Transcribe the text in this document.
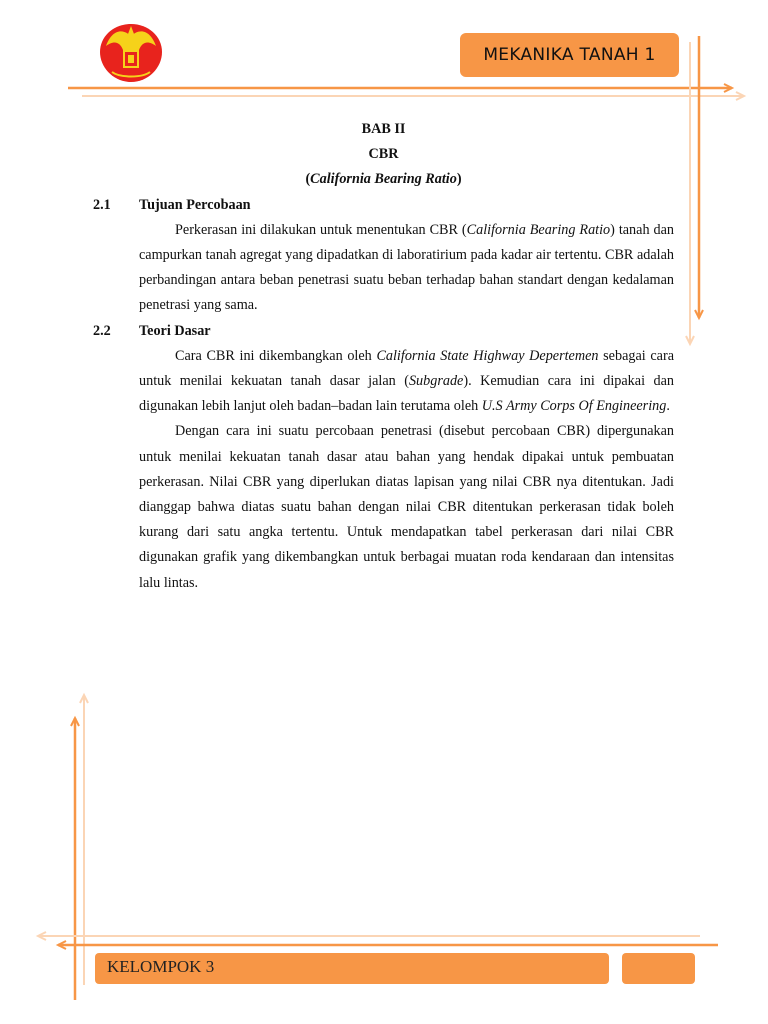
MEKANIKA TANAH 1
BAB II
CBR
(California Bearing Ratio)
2.1	Tujuan Percobaan
Perkerasan ini dilakukan untuk menentukan CBR (California Bearing Ratio) tanah dan campurkan tanah agregat yang dipadatkan di laboratirium pada kadar air tertentu. CBR adalah perbandingan antara beban penetrasi suatu beban terhadap bahan standart dengan kedalaman penetrasi yang sama.
2.2	Teori Dasar
Cara CBR ini dikembangkan oleh California State Highway Depertemen sebagai cara untuk menilai kekuatan tanah dasar jalan (Subgrade). Kemudian cara ini dipakai dan digunakan lebih lanjut oleh badan–badan lain terutama oleh U.S Army Corps Of Engineering.
Dengan cara ini suatu percobaan penetrasi (disebut percobaan CBR) dipergunakan untuk menilai kekuatan tanah dasar atau bahan yang hendak dipakai untuk pembuatan perkerasan. Nilai CBR yang diperlukan diatas lapisan yang nilai CBR nya ditentukan. Jadi dianggap bahwa diatas suatu bahan dengan nilai CBR ditentukan perkerasan tidak boleh kurang dari satu angka tertentu. Untuk mendapatkan tabel perkerasan dari nilai CBR digunakan grafik yang dikembangkan untuk berbagai muatan roda kendaraan dan intensitas lalu lintas.
KELOMPOK 3
